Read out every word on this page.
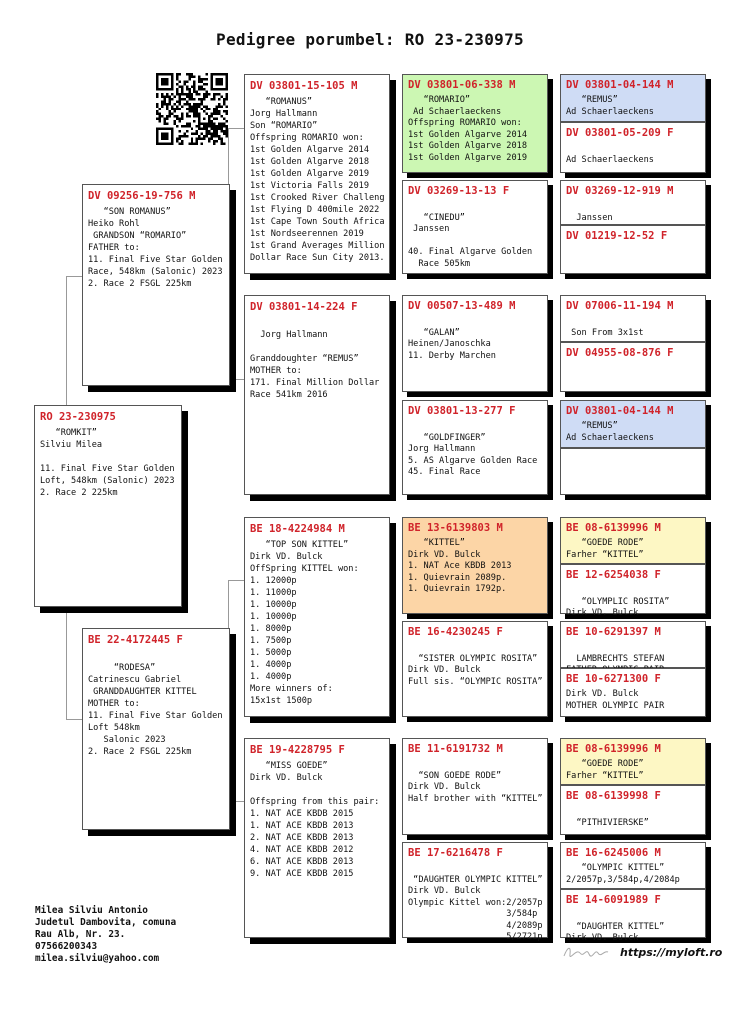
Pedigree porumbel: RO 23-230975
RO 23-230975
“ROMKIT”
Silviu Milea

11. Final Five Star Golden
Loft, 548km (Salonic) 2023
2. Race 2 225km
DV 09256-19-756 M
“SON ROMANUS”
Heiko Rohl
GRANDSON “ROMARIO”
FATHER to:
11. Final Five Star Golden
Race, 548km (Salonic) 2023
2. Race 2 FSGL 225km
BE 22-4172445 F

“RODESA”
Catrinescu Gabriel
GRANDDAUGHTER KITTEL
MOTHER to:
11. Final Five Star Golden
Loft 548km
Salonic 2023
2. Race 2 FSGL 225km
DV 03801-15-105 M
“ROMANUS”
Jorg Hallmann
Son “ROMARIO”
Offspring ROMARIO won:
1st Golden Algarve 2014
1st Golden Algarve 2018
1st Golden Algarve 2019
1st Victoria Falls 2019
1st Crooked River Challeng
1st Flying D 400mile 2022
1st Cape Town South Africa
1st Nordseerennen 2019
1st Grand Averages Million
Dollar Race Sun City 2013.
DV 03801-14-224 F

Jorg Hallmann

Granddoughter “REMUS”
MOTHER to:
171. Final Million Dollar
Race 541km 2016
BE 18-4224984 M
“TOP SON KITTEL”
Dirk VD. Bulck
OffSpring KITTEL won:
1. 12000p
1. 11000p
1. 10000p
1. 10000p
1. 8000p
1. 7500p
1. 5000p
1. 4000p
1. 4000p
More winners of:
15x1st 1500p
BE 19-4228795 F
“MISS GOEDE”
Dirk VD. Bulck

Offspring from this pair:
1. NAT ACE KBDB 2015
1. NAT ACE KBDB 2013
2. NAT ACE KBDB 2013
4. NAT ACE KBDB 2012
6. NAT ACE KBDB 2013
9. NAT ACE KBDB 2015
DV 03801-06-338 M
“ROMARIO”
Ad Schaerlaeckens
Offspring ROMARIO won:
1st Golden Algarve 2014
1st Golden Algarve 2018
1st Golden Algarve 2019
DV 03269-13-13 F

“CINEDU”
Janssen

40. Final Algarve Golden
Race 505km
DV 00507-13-489 M

“GALAN”
Heinen/Janoschka
11. Derby Marchen
DV 03801-13-277 F

“GOLDFINGER”
Jorg Hallmann
5. AS Algarve Golden Race
45. Final Race
BE 13-6139803 M
“KITTEL”
Dirk VD. Bulck
1. NAT Ace KBDB 2013
1. Quievrain 2089p.
1. Quievrain 1792p.
BE 16-4230245 F

“SISTER OLYMPIC ROSITA”
Dirk VD. Bulck
Full sis. “OLYMPIC ROSITA”
BE 11-6191732 M

“SON GOEDE RODE”
Dirk VD. Bulck
Half brother with “KITTEL”
BE 17-6216478 F

“DAUGHTER OLYMPIC KITTEL”
Dirk VD. Bulck
Olympic Kittel won:2/2057p
3/584p
4/2089p
5/2721p
DV 03801-04-144 M
“REMUS”
Ad Schaerlaeckens
DV 03801-05-209 F

Ad Schaerlaeckens
DV 03269-12-919 M

Janssen
DV 01219-12-52 F
DV 07006-11-194 M

Son From 3x1st
DV 04955-08-876 F
DV 03801-04-144 M
“REMUS”
Ad Schaerlaeckens
BE 08-6139996 M
“GOEDE RODE”
Farher “KITTEL”
BE 12-6254038 F

“OLYMPLIC ROSITA”
Dirk VD. Bulck
BE 10-6291397 M

LAMBRECHTS STEFAN
BE 10-6271300 F
Dirk VD. Bulck
MOTHER OLYMPIC PAIR
BE 08-6139996 M
“GOEDE RODE”
Farher “KITTEL”
BE 08-6139998 F

“PITHIVIERSKE”
BE 16-6245006 M
“OLYMPIC KITTEL”
2/2057p,3/584p,4/2084p
BE 14-6091989 F

“DAUGHTER KITTEL”
Dirk VD. Bulck
Milea Silviu Antonio
Judetul Dambovita, comuna
Rau Alb, Nr. 23.
07566200343
milea.silviu@yahoo.com	https://myloft.ro
